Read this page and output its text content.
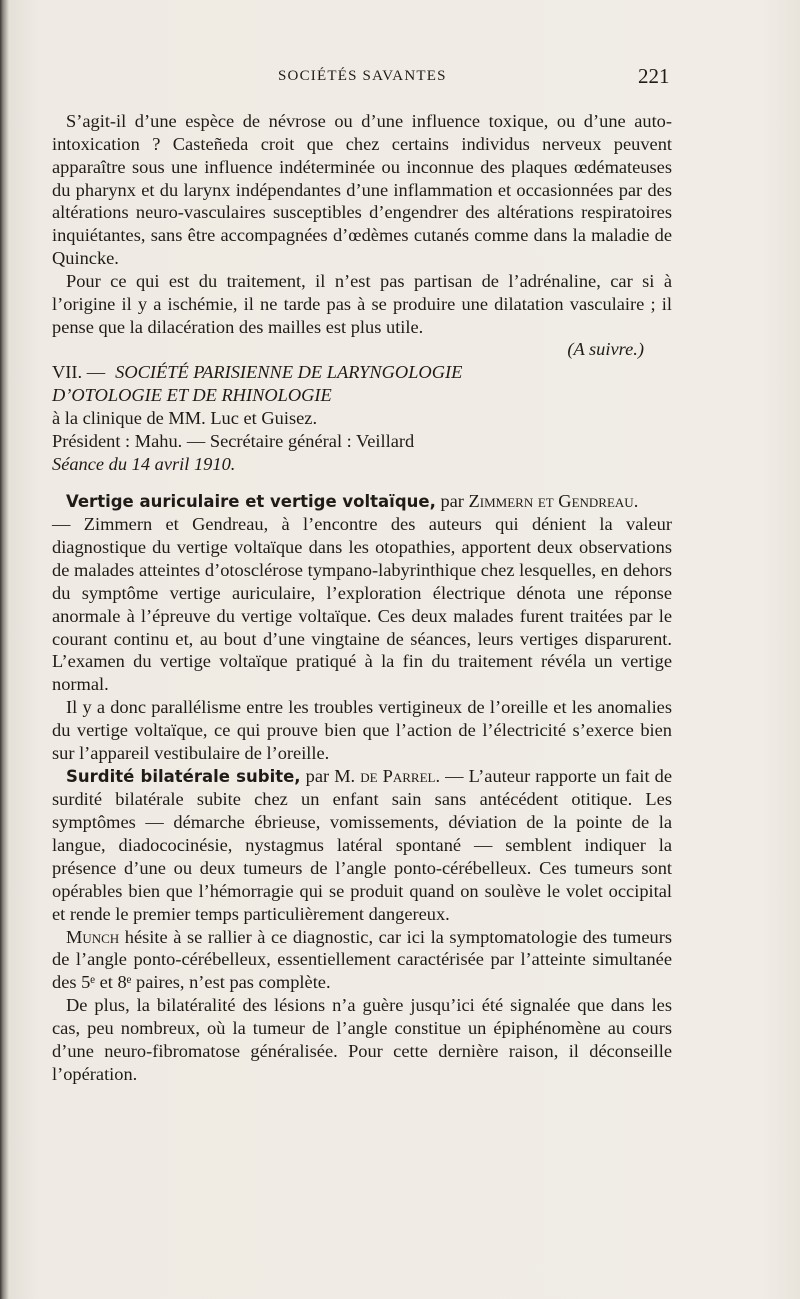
SOCIÉTÉS SAVANTES	221

S’agit-il d’une espèce de névrose ou d’une influence toxique, ou d’une auto-intoxication ? Casteñeda croit que chez certains individus nerveux peuvent apparaître sous une influence indéterminée ou inconnue des plaques œdémateuses du pharynx et du larynx indépendantes d’une inflammation et occasionnées par des altérations neuro-vasculaires susceptibles d’engendrer des altérations respiratoires inquiétantes, sans être accompagnées d’œdèmes cutanés comme dans la maladie de Quincke.

Pour ce qui est du traitement, il n’est pas partisan de l’adrénaline, car si à l’origine il y a ischémie, il ne tarde pas à se produire une dilatation vasculaire ; il pense que la dilacération des mailles est plus utile.

(A suivre.)

VII. — SOCIÉTÉ PARISIENNE DE LARYNGOLOGIE

D’OTOLOGIE ET DE RHINOLOGIE

à la clinique de MM. Luc et Guisez.

Président : Mahu. — Secrétaire général : Veillard

Séance du 14 avril 1910.

Vertige auriculaire et vertige voltaïque, par Zimmern et Gendreau.

— Zimmern et Gendreau, à l’encontre des auteurs qui dénient la valeur diagnostique du vertige voltaïque dans les otopathies, apportent deux observations de malades atteintes d’otosclérose tympano-labyrinthique chez lesquelles, en dehors du symptôme vertige auriculaire, l’exploration électrique dénota une réponse anormale à l’épreuve du vertige voltaïque. Ces deux malades furent traitées par le courant continu et, au bout d’une vingtaine de séances, leurs vertiges disparurent. L’examen du vertige voltaïque pratiqué à la fin du traitement révéla un vertige normal.

Il y a donc parallélisme entre les troubles vertigineux de l’oreille et les anomalies du vertige voltaïque, ce qui prouve bien que l’action de l’électricité s’exerce bien sur l’appareil vestibulaire de l’oreille.

Surdité bilatérale subite, par M. de Parrel. — L’auteur rapporte un fait de surdité bilatérale subite chez un enfant sain sans antécédent otitique. Les symptômes — démarche ébrieuse, vomissements, déviation de la pointe de la langue, diadococinésie, nystagmus latéral spontané — semblent indiquer la présence d’une ou deux tumeurs de l’angle ponto-cérébelleux. Ces tumeurs sont opérables bien que l’hémorragie qui se produit quand on soulève le volet occipital et rende le premier temps particulièrement dangereux.

Munch hésite à se rallier à ce diagnostic, car ici la symptomatologie des tumeurs de l’angle ponto-cérébelleux, essentiellement caractérisée par l’atteinte simultanée des 5ᵉ et 8ᵉ paires, n’est pas complète.

De plus, la bilatéralité des lésions n’a guère jusqu’ici été signalée que dans les cas, peu nombreux, où la tumeur de l’angle constitue un épiphénomène au cours d’une neuro-fibromatose généralisée. Pour cette dernière raison, il déconseille l’opération.
